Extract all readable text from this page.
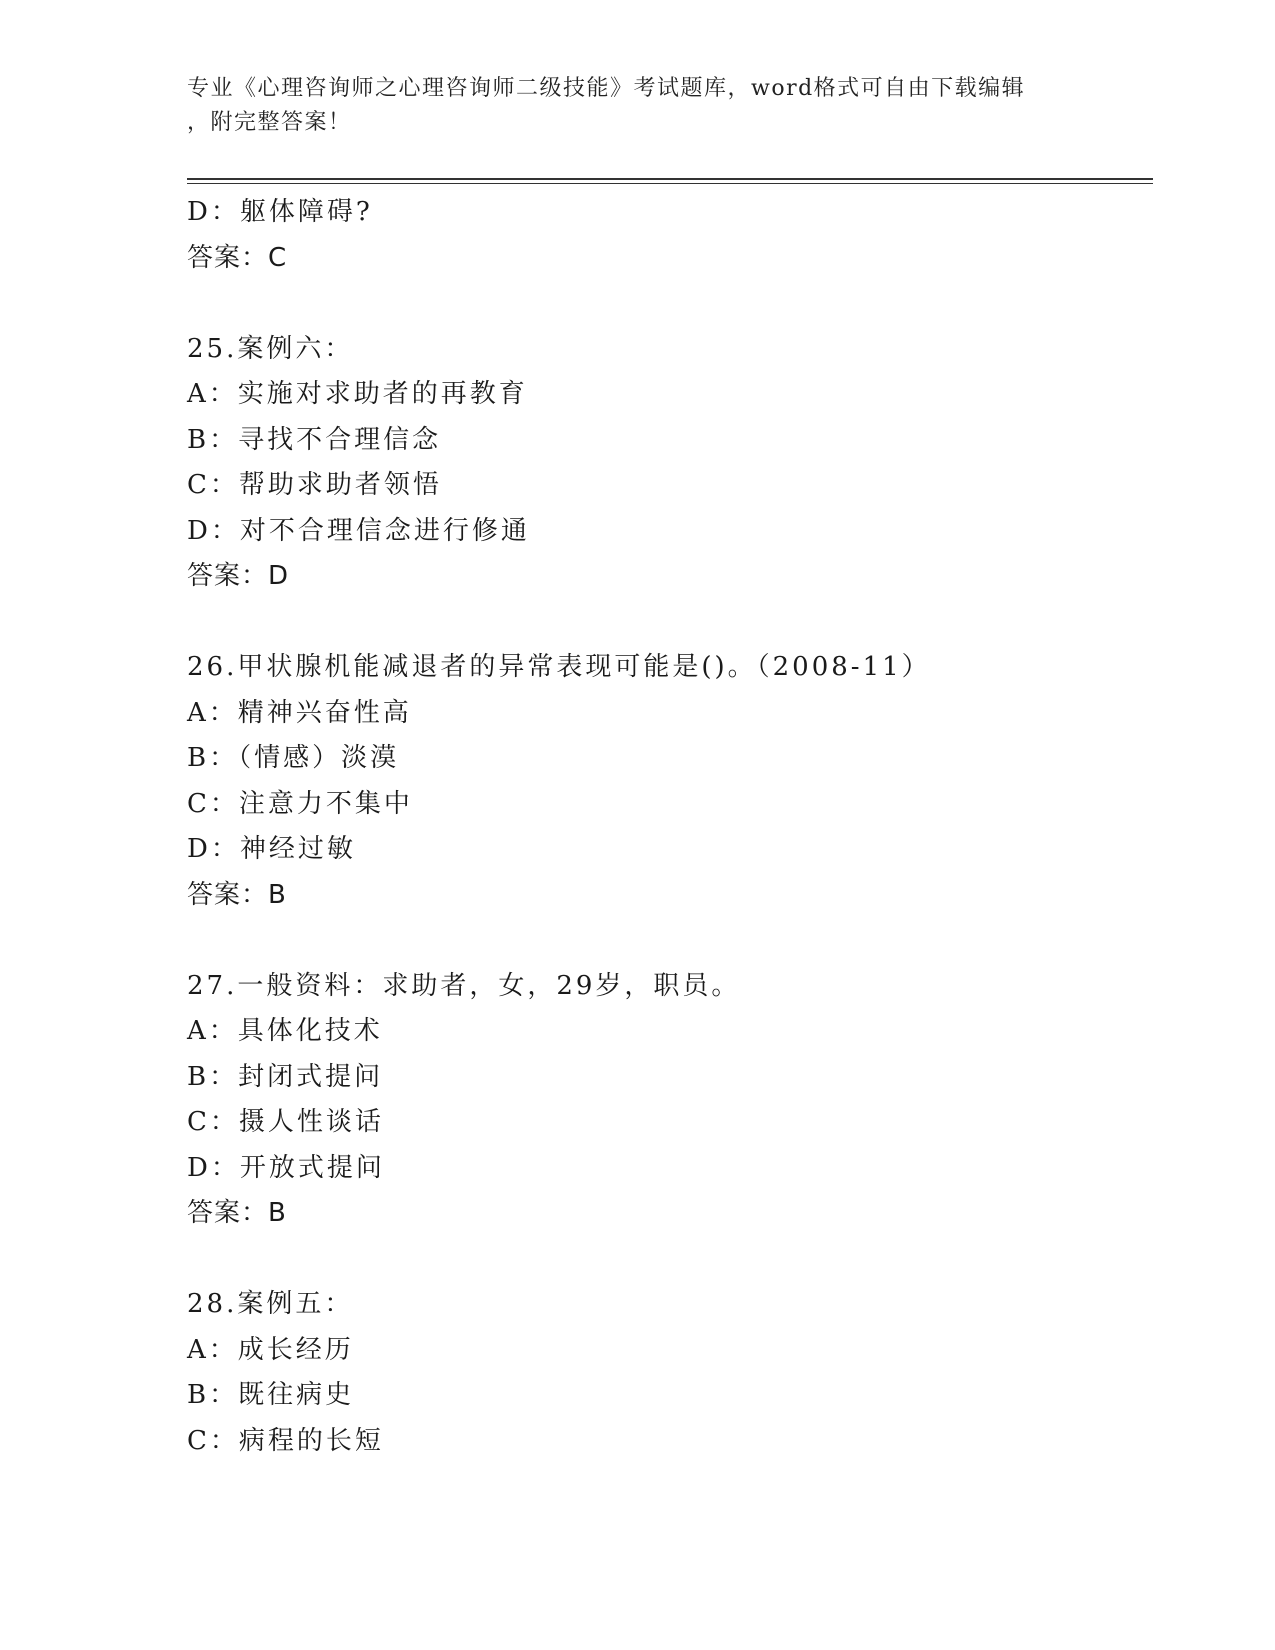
专业《心理咨询师之心理咨询师二级技能》考试题库，word格式可自由下载编辑
，附完整答案！
D：躯体障碍?
答案：C
25.案例六：
A：实施对求助者的再教育
B：寻找不合理信念
C：帮助求助者领悟
D：对不合理信念进行修通
答案：D
26.甲状腺机能减退者的异常表现可能是()。（2008-11）
A：精神兴奋性高
B：（情感）淡漠
C：注意力不集中
D：神经过敏
答案：B
27.一般资料：求助者，女，29岁，职员。
A：具体化技术
B：封闭式提问
C：摄人性谈话
D：开放式提问
答案：B
28.案例五：
A：成长经历
B：既往病史
C：病程的长短
